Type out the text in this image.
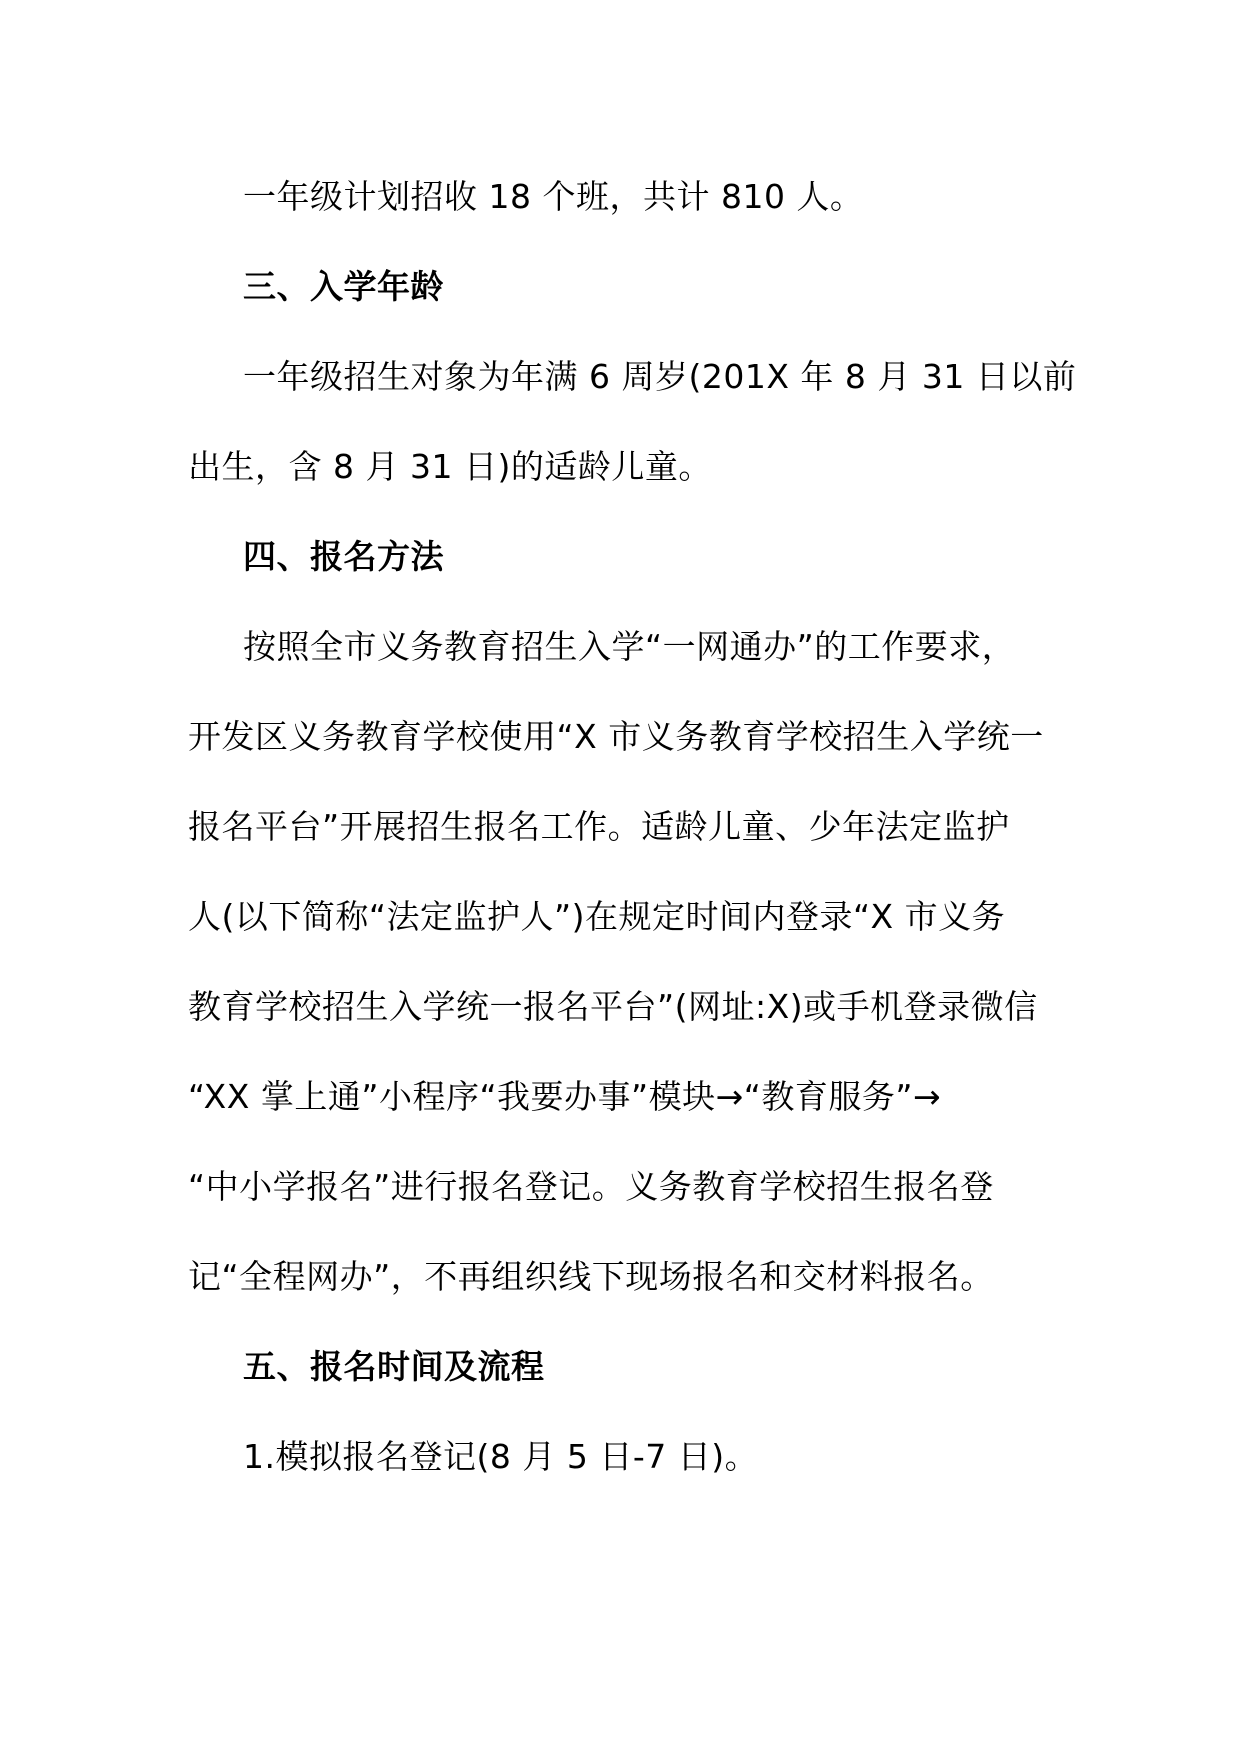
一年级计划招收 18 个班，共计 810 人。
三、入学年龄
一年级招生对象为年满 6 周岁(201X 年 8 月 31 日以前
出生，含 8 月 31 日)的适龄儿童。
四、报名方法
按照全市义务教育招生入学“一网通办”的工作要求，
开发区义务教育学校使用“X 市义务教育学校招生入学统一
报名平台”开展招生报名工作。适龄儿童、少年法定监护
人(以下简称“法定监护人”)在规定时间内登录“X 市义务
教育学校招生入学统一报名平台”(网址:X)或手机登录微信
“XX 掌上通”小程序“我要办事”模块→“教育服务”→
“中小学报名”进行报名登记。义务教育学校招生报名登
记“全程网办”，不再组织线下现场报名和交材料报名。
五、报名时间及流程
1.模拟报名登记(8 月 5 日-7 日)。
